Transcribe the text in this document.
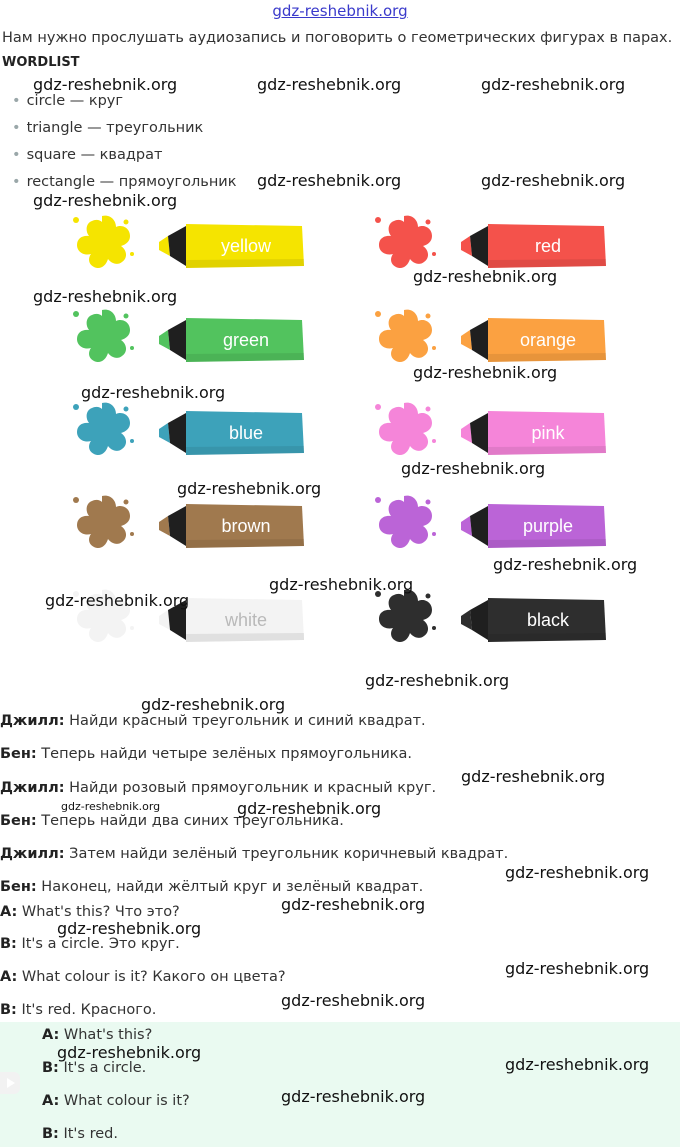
gdz-reshebnik.org
Нам нужно прослушать аудиозапись и поговорить о геометрических фигурах в парах.
WORDLIST
• circle — круг
• triangle — треугольник
• square — квадрат
• rectangle — прямоугольник
yellow	red
green	orange
blue	pink
brown	purple
white	black
Джилл: Найди красный треугольник и синий квадрат.
Бен: Теперь найди четыре зелёных прямоугольника.
Джилл: Найди розовый прямоугольник и красный круг.
Бен: Теперь найди два синих треугольника.
Джилл: Затем найди зелёный треугольник коричневый квадрат.
Бен: Наконец, найди жёлтый круг и зелёный квадрат.
A: What's this? Что это?
B: It's a circle. Это круг.
A: What colour is it? Какого он цвета?
B: It's red. Красного.
A: What's this?
B: It's a circle.
A: What colour is it?
B: It's red.
gdz-reshebnik.org	gdz-reshebnik.org	gdz-reshebnik.org
gdz-reshebnik.org	gdz-reshebnik.org
gdz-reshebnik.org
gdz-reshebnik.org
gdz-reshebnik.org
gdz-reshebnik.org
gdz-reshebnik.org
gdz-reshebnik.org
gdz-reshebnik.org
gdz-reshebnik.org
gdz-reshebnik.org
gdz-reshebnik.org
gdz-reshebnik.org
gdz-reshebnik.org
gdz-reshebnik.org
gdz-reshebnik.org	gdz-reshebnik.org
gdz-reshebnik.org
gdz-reshebnik.org
gdz-reshebnik.org
gdz-reshebnik.org
gdz-reshebnik.org
gdz-reshebnik.org
gdz-reshebnik.org
gdz-reshebnik.org
